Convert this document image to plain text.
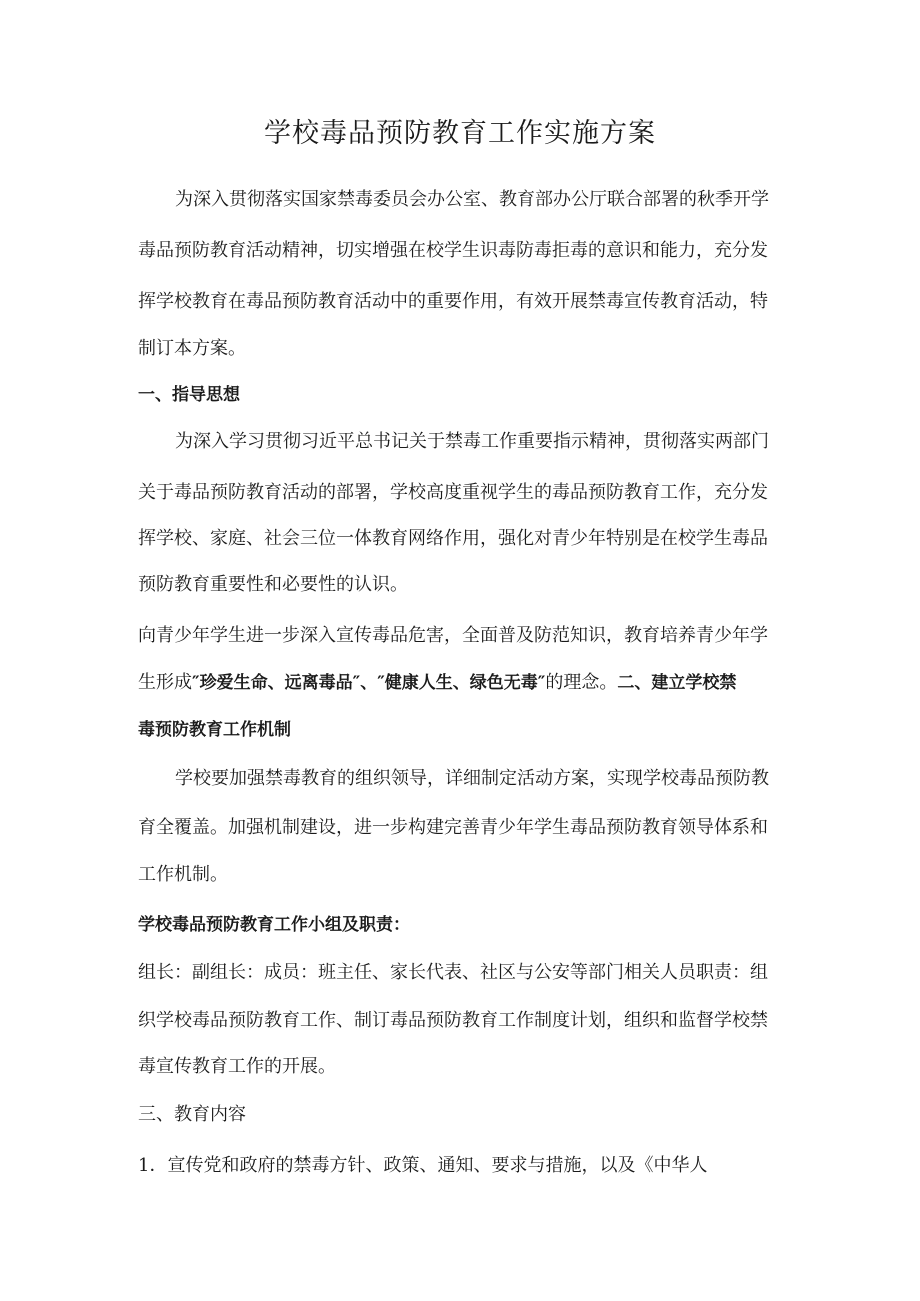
学校毒品预防教育工作实施方案
为深入贯彻落实国家禁毒委员会办公室、教育部办公厅联合部署的秋季开学
毒品预防教育活动精神，切实增强在校学生识毒防毒拒毒的意识和能力，充分发
挥学校教育在毒品预防教育活动中的重要作用，有效开展禁毒宣传教育活动，特
制订本方案。
一、指导思想
为深入学习贯彻习近平总书记关于禁毒工作重要指示精神，贯彻落实两部门
关于毒品预防教育活动的部署，学校高度重视学生的毒品预防教育工作，充分发
挥学校、家庭、社会三位一体教育网络作用，强化对青少年特别是在校学生毒品
预防教育重要性和必要性的认识。
向青少年学生进一步深入宣传毒品危害，全面普及防范知识，教育培养青少年学
生形成″珍爱生命、远离毒品″、″健康人生、绿色无毒″的理念。二、建立学校禁
毒预防教育工作机制
学校要加强禁毒教育的组织领导，详细制定活动方案，实现学校毒品预防教
育全覆盖。加强机制建设，进一步构建完善青少年学生毒品预防教育领导体系和
工作机制。
学校毒品预防教育工作小组及职责：
组长：副组长：成员：班主任、家长代表、社区与公安等部门相关人员职责：组
织学校毒品预防教育工作、制订毒品预防教育工作制度计划，组织和监督学校禁
毒宣传教育工作的开展。
三、教育内容
1．宣传党和政府的禁毒方针、政策、通知、要求与措施，以及《中华人
